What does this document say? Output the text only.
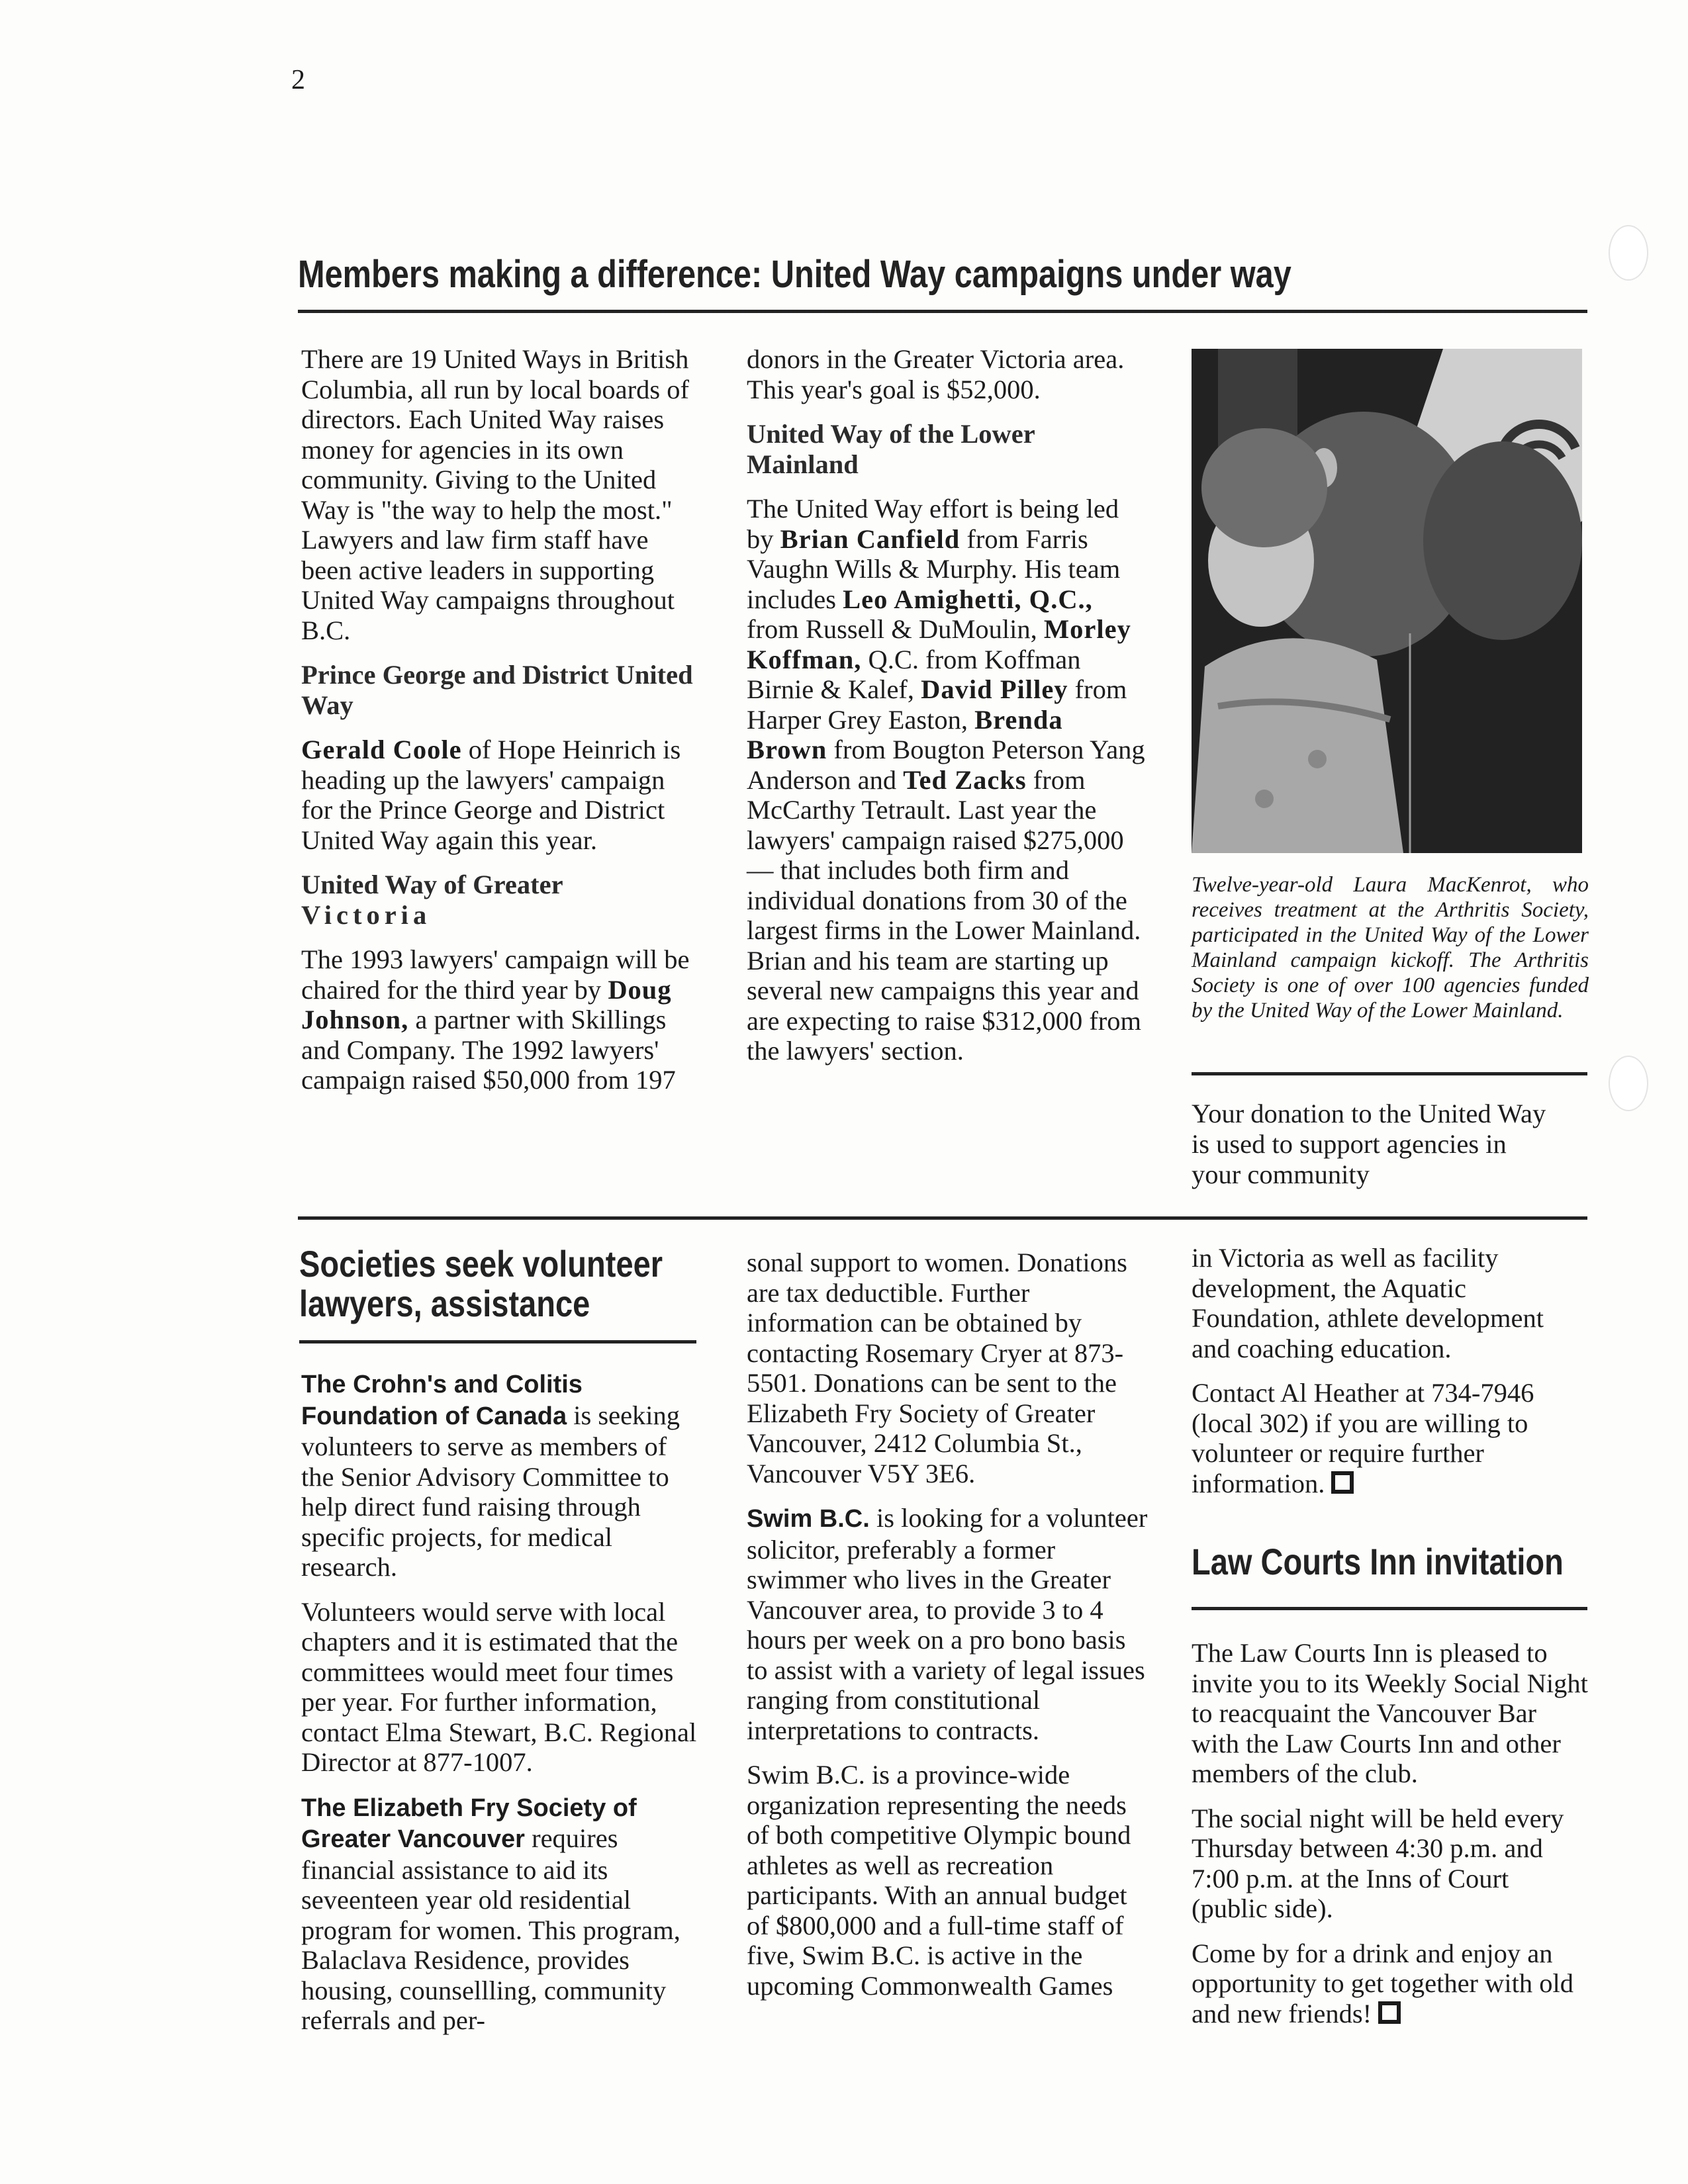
2
Members making a difference: United Way campaigns under way

There are 19 United Ways in British Columbia, all run by local boards of directors. Each United Way raises money for agencies in its own community. Giving to the United Way is "the way to help the most." Lawyers and law firm staff have been active leaders in supporting United Way campaigns throughout B.C.

Prince George and District United Way

Gerald Coole of Hope Heinrich is heading up the lawyers' campaign for the Prince George and District United Way again this year.

United Way of Greater
Victoria

The 1993 lawyers' campaign will be chaired for the third year by Doug Johnson, a partner with Skillings and Company. The 1992 lawyers' campaign raised $50,000 from 197

donors in the Greater Victoria area. This year's goal is $52,000.

United Way of the Lower Mainland

The United Way effort is being led by Brian Canfield from Farris Vaughn Wills & Murphy. His team includes Leo Amighetti, Q.C., from Russell & DuMoulin, Morley Koffman, Q.C. from Koffman Birnie & Kalef, David Pilley from Harper Grey Easton, Brenda Brown from Bougton Peterson Yang Anderson and Ted Zacks from McCarthy Tetrault. Last year the lawyers' campaign raised $275,000 — that includes both firm and individual donations from 30 of the largest firms in the Lower Mainland. Brian and his team are starting up several new campaigns this year and are expecting to raise $312,000 from the lawyers' section.

Twelve-year-old Laura MacKenrot, who receives treatment at the Arthritis Society, participated in the United Way of the Lower Mainland campaign kickoff. The Arthritis Society is one of over 100 agencies funded by the United Way of the Lower Mainland.
Your donation to the United Way is used to support agencies in your community
Societies seek volunteer
lawyers, assistance

The Crohn's and Colitis Foundation of Canada is seeking volunteers to serve as members of the Senior Advisory Committee to help direct fund raising through specific projects, for medical research.

Volunteers would serve with local chapters and it is estimated that the committees would meet four times per year. For further information, contact Elma Stewart, B.C. Regional Director at 877-1007.

The Elizabeth Fry Society of Greater Vancouver requires financial assistance to aid its seveenteen year old residential program for women. This program, Balaclava Residence, provides housing, counsellling, community referrals and per-

sonal support to women. Donations are tax deductible. Further information can be obtained by contacting Rosemary Cryer at 873-5501. Donations can be sent to the Elizabeth Fry Society of Greater Vancouver, 2412 Columbia St., Vancouver V5Y 3E6.

Swim B.C. is looking for a volunteer solicitor, preferably a former swimmer who lives in the Greater Vancouver area, to provide 3 to 4 hours per week on a pro bono basis to assist with a variety of legal issues ranging from constitutional interpretations to contracts.

Swim B.C. is a province-wide organization representing the needs of both competitive Olympic bound athletes as well as recreation participants. With an annual budget of $800,000 and a full-time staff of five, Swim B.C. is active in the upcoming Commonwealth Games

in Victoria as well as facility development, the Aquatic Foundation, athlete development and coaching education.

Contact Al Heather at 734-7946 (local 302) if you are willing to volunteer or require further information.

Law Courts Inn invitation

The Law Courts Inn is pleased to invite you to its Weekly Social Night to reacquaint the Vancouver Bar with the Law Courts Inn and other members of the club.

The social night will be held every Thursday between 4:30 p.m. and 7:00 p.m. at the Inns of Court (public side).

Come by for a drink and enjoy an opportunity to get together with old and new friends!
